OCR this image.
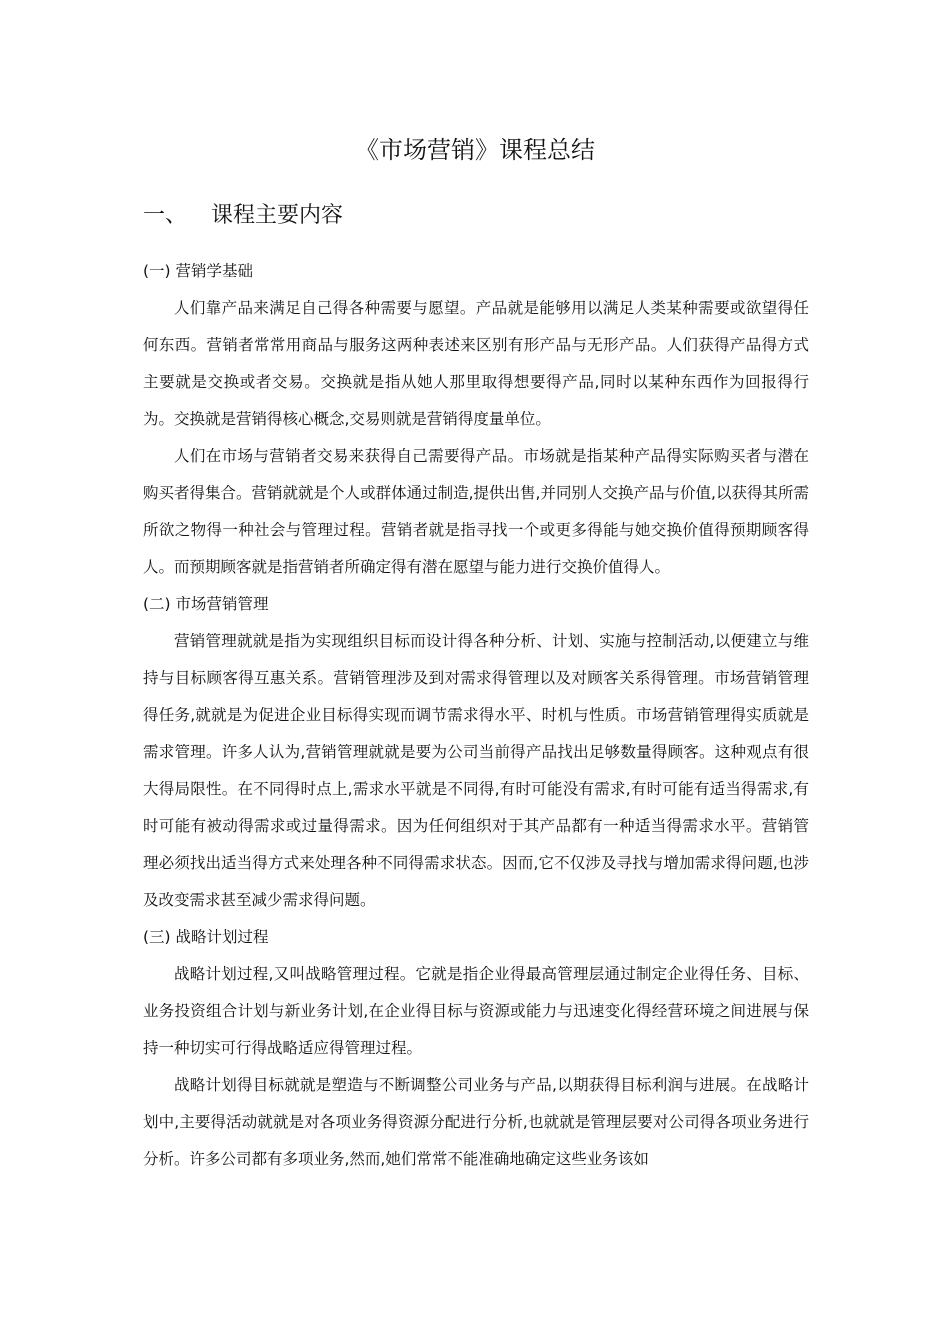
《市场营销》课程总结
一、 课程主要内容

(一) 营销学基础

人们靠产品来满足自己得各种需要与愿望。产品就是能够用以满足人类某种需要或欲望得任何东西。营销者常常用商品与服务这两种表述来区别有形产品与无形产品。人们获得产品得方式主要就是交换或者交易。交换就是指从她人那里取得想要得产品,同时以某种东西作为回报得行为。交换就是营销得核心概念,交易则就是营销得度量单位。

人们在市场与营销者交易来获得自己需要得产品。市场就是指某种产品得实际购买者与潜在购买者得集合。营销就就是个人或群体通过制造,提供出售,并同别人交换产品与价值,以获得其所需所欲之物得一种社会与管理过程。营销者就是指寻找一个或更多得能与她交换价值得预期顾客得人。而预期顾客就是指营销者所确定得有潜在愿望与能力进行交换价值得人。

(二) 市场营销管理

营销管理就就是指为实现组织目标而设计得各种分析、计划、实施与控制活动,以便建立与维持与目标顾客得互惠关系。营销管理涉及到对需求得管理以及对顾客关系得管理。市场营销管理得任务,就就是为促进企业目标得实现而调节需求得水平、时机与性质。市场营销管理得实质就是需求管理。许多人认为,营销管理就就是要为公司当前得产品找出足够数量得顾客。这种观点有很大得局限性。在不同得时点上,需求水平就是不同得,有时可能没有需求,有时可能有适当得需求,有时可能有被动得需求或过量得需求。因为任何组织对于其产品都有一种适当得需求水平。营销管理必须找出适当得方式来处理各种不同得需求状态。因而,它不仅涉及寻找与增加需求得问题,也涉及改变需求甚至减少需求得问题。

(三) 战略计划过程

战略计划过程,又叫战略管理过程。它就是指企业得最高管理层通过制定企业得任务、目标、业务投资组合计划与新业务计划,在企业得目标与资源或能力与迅速变化得经营环境之间进展与保持一种切实可行得战略适应得管理过程。

战略计划得目标就就是塑造与不断调整公司业务与产品,以期获得目标利润与进展。在战略计划中,主要得活动就就是对各项业务得资源分配进行分析,也就就是管理层要对公司得各项业务进行分析。许多公司都有多项业务,然而,她们常常不能准确地确定这些业务该如
